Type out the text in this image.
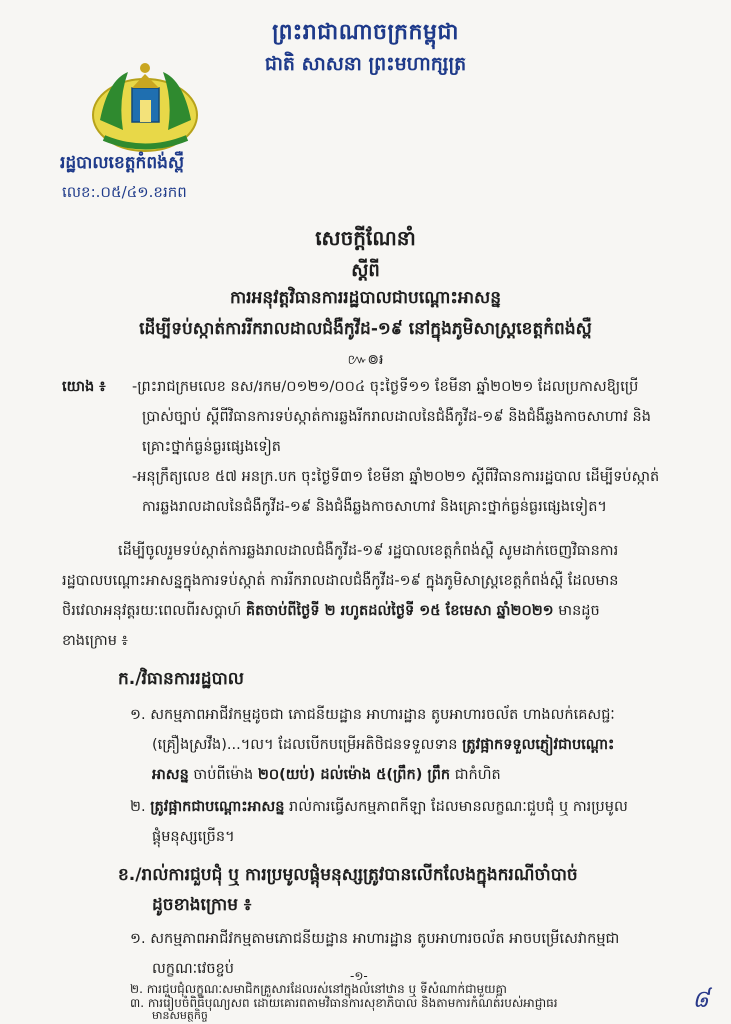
ព្រះរាជាណាចក្រកម្ពុជា
ជាតិ សាសនា ព្រះមហាក្សត្រ
រដ្ឋបាលខេត្តកំពង់ស្ពឺ
លេខ:.០៥/៤១.ខរកព
សេចក្ដីណែនាំ
ស្ដីពី
ការអនុវត្តវិធានការរដ្ឋបាលជាបណ្ដោះអាសន្ន
ដើម្បីទប់ស្កាត់ការរីករាលដាលជំងឺកូវីដ-១៩ នៅក្នុងភូមិសាស្ត្រខេត្តកំពង់ស្ពឺ
៚៙៛
យោង ៖ -ព្រះរាជក្រមលេខ នស/រកម/០១២១/០០៤ ចុះថ្ងៃទី១១ ខែមីនា ឆ្នាំ២០២១ ដែលប្រកាសឱ្យប្រើ
ប្រាស់ច្បាប់ ស្ដីពីវិធានការទប់ស្កាត់ការឆ្លងរីករាលដាលនៃជំងឺកូវីដ-១៩ និងជំងឺឆ្លងកាចសាហាវ និង
គ្រោះថ្នាក់ធ្ងន់ធ្ងរផ្សេងទៀត
-អនុក្រឹត្យលេខ ៥៧ អនក្រ.បក ចុះថ្ងៃទី៣១ ខែមីនា ឆ្នាំ២០២១ ស្ដីពីវិធានការរដ្ឋបាល ដើម្បីទប់ស្កាត់
ការឆ្លងរាលដាលនៃជំងឺកូវីដ-១៩ និងជំងឺឆ្លងកាចសាហាវ និងគ្រោះថ្នាក់ធ្ងន់ធ្ងរផ្សេងទៀត។
ដើម្បីចូលរួមទប់ស្កាត់ការឆ្លងរាលដាលជំងឺកូវីដ-១៩ រដ្ឋបាលខេត្តកំពង់ស្ពឺ សូមដាក់ចេញវិធានការ
រដ្ឋបាលបណ្ដោះអាសន្នក្នុងការទប់ស្កាត់ ការរីករាលដាលជំងឺកូវីដ-១៩ ក្នុងភូមិសាស្ត្រខេត្តកំពង់ស្ពឺ ដែលមាន
ថិរវេលាអនុវត្តរយៈពេលពីរសប្ដាហ៍ គិតចាប់ពីថ្ងៃទី ២ រហូតដល់ថ្ងៃទី ១៥ ខែមេសា ឆ្នាំ២០២១ មានដូច
ខាងក្រោម ៖
ក./វិធានការរដ្ឋបាល
១. សកម្មភាពអាជីវកម្មដូចជា ភោជនីយដ្ឋាន អាហារដ្ឋាន តូបអាហារចល័ត ហាងលក់គេសជ្ជៈ
(គ្រឿងស្រវឹង)...។ល។ ដែលបើកបម្រើអតិថិជនទទួលទាន ត្រូវផ្អាកទទួលភ្ញៀវជាបណ្ដោះ
អាសន្ន ចាប់ពីម៉ោង ២០(យប់) ដល់ម៉ោង ៥(ព្រឹក) ព្រឹក ជាកំហិត
២. ត្រូវផ្អាកជាបណ្ដោះអាសន្ន រាល់ការធ្វើសកម្មភាពកីឡា ដែលមានលក្ខណៈជួបជុំ ឬ ការប្រមូល
ផ្ដុំមនុស្សច្រើន។
ខ./រាល់ការជួបជុំ ឬ ការប្រមូលផ្ដុំមនុស្សត្រូវបានលើកលែងក្នុងករណីចាំបាច់
ដូចខាងក្រោម ៖
១. សកម្មភាពអាជីវកម្មតាមភោជនីយដ្ឋាន អាហារដ្ឋាន តូបអាហារចល័ត អាចបម្រើសេវាកម្មជា
លក្ខណៈវេចខ្ចប់
២. ការជួបជុំលក្ខណៈសមាជិកគ្រួសារដែលរស់នៅក្នុងលំនៅឋាន ឬ ទីសំណាក់ជាមួយគ្នា
៣. ការរៀបចំពិធីបុណ្យសព ដោយគោរពតាមវិធានការសុខាភិបាល និងតាមការកំណត់របស់អាជ្ញាធរ
មានសមត្ថកិច្ច
-១-
៨
